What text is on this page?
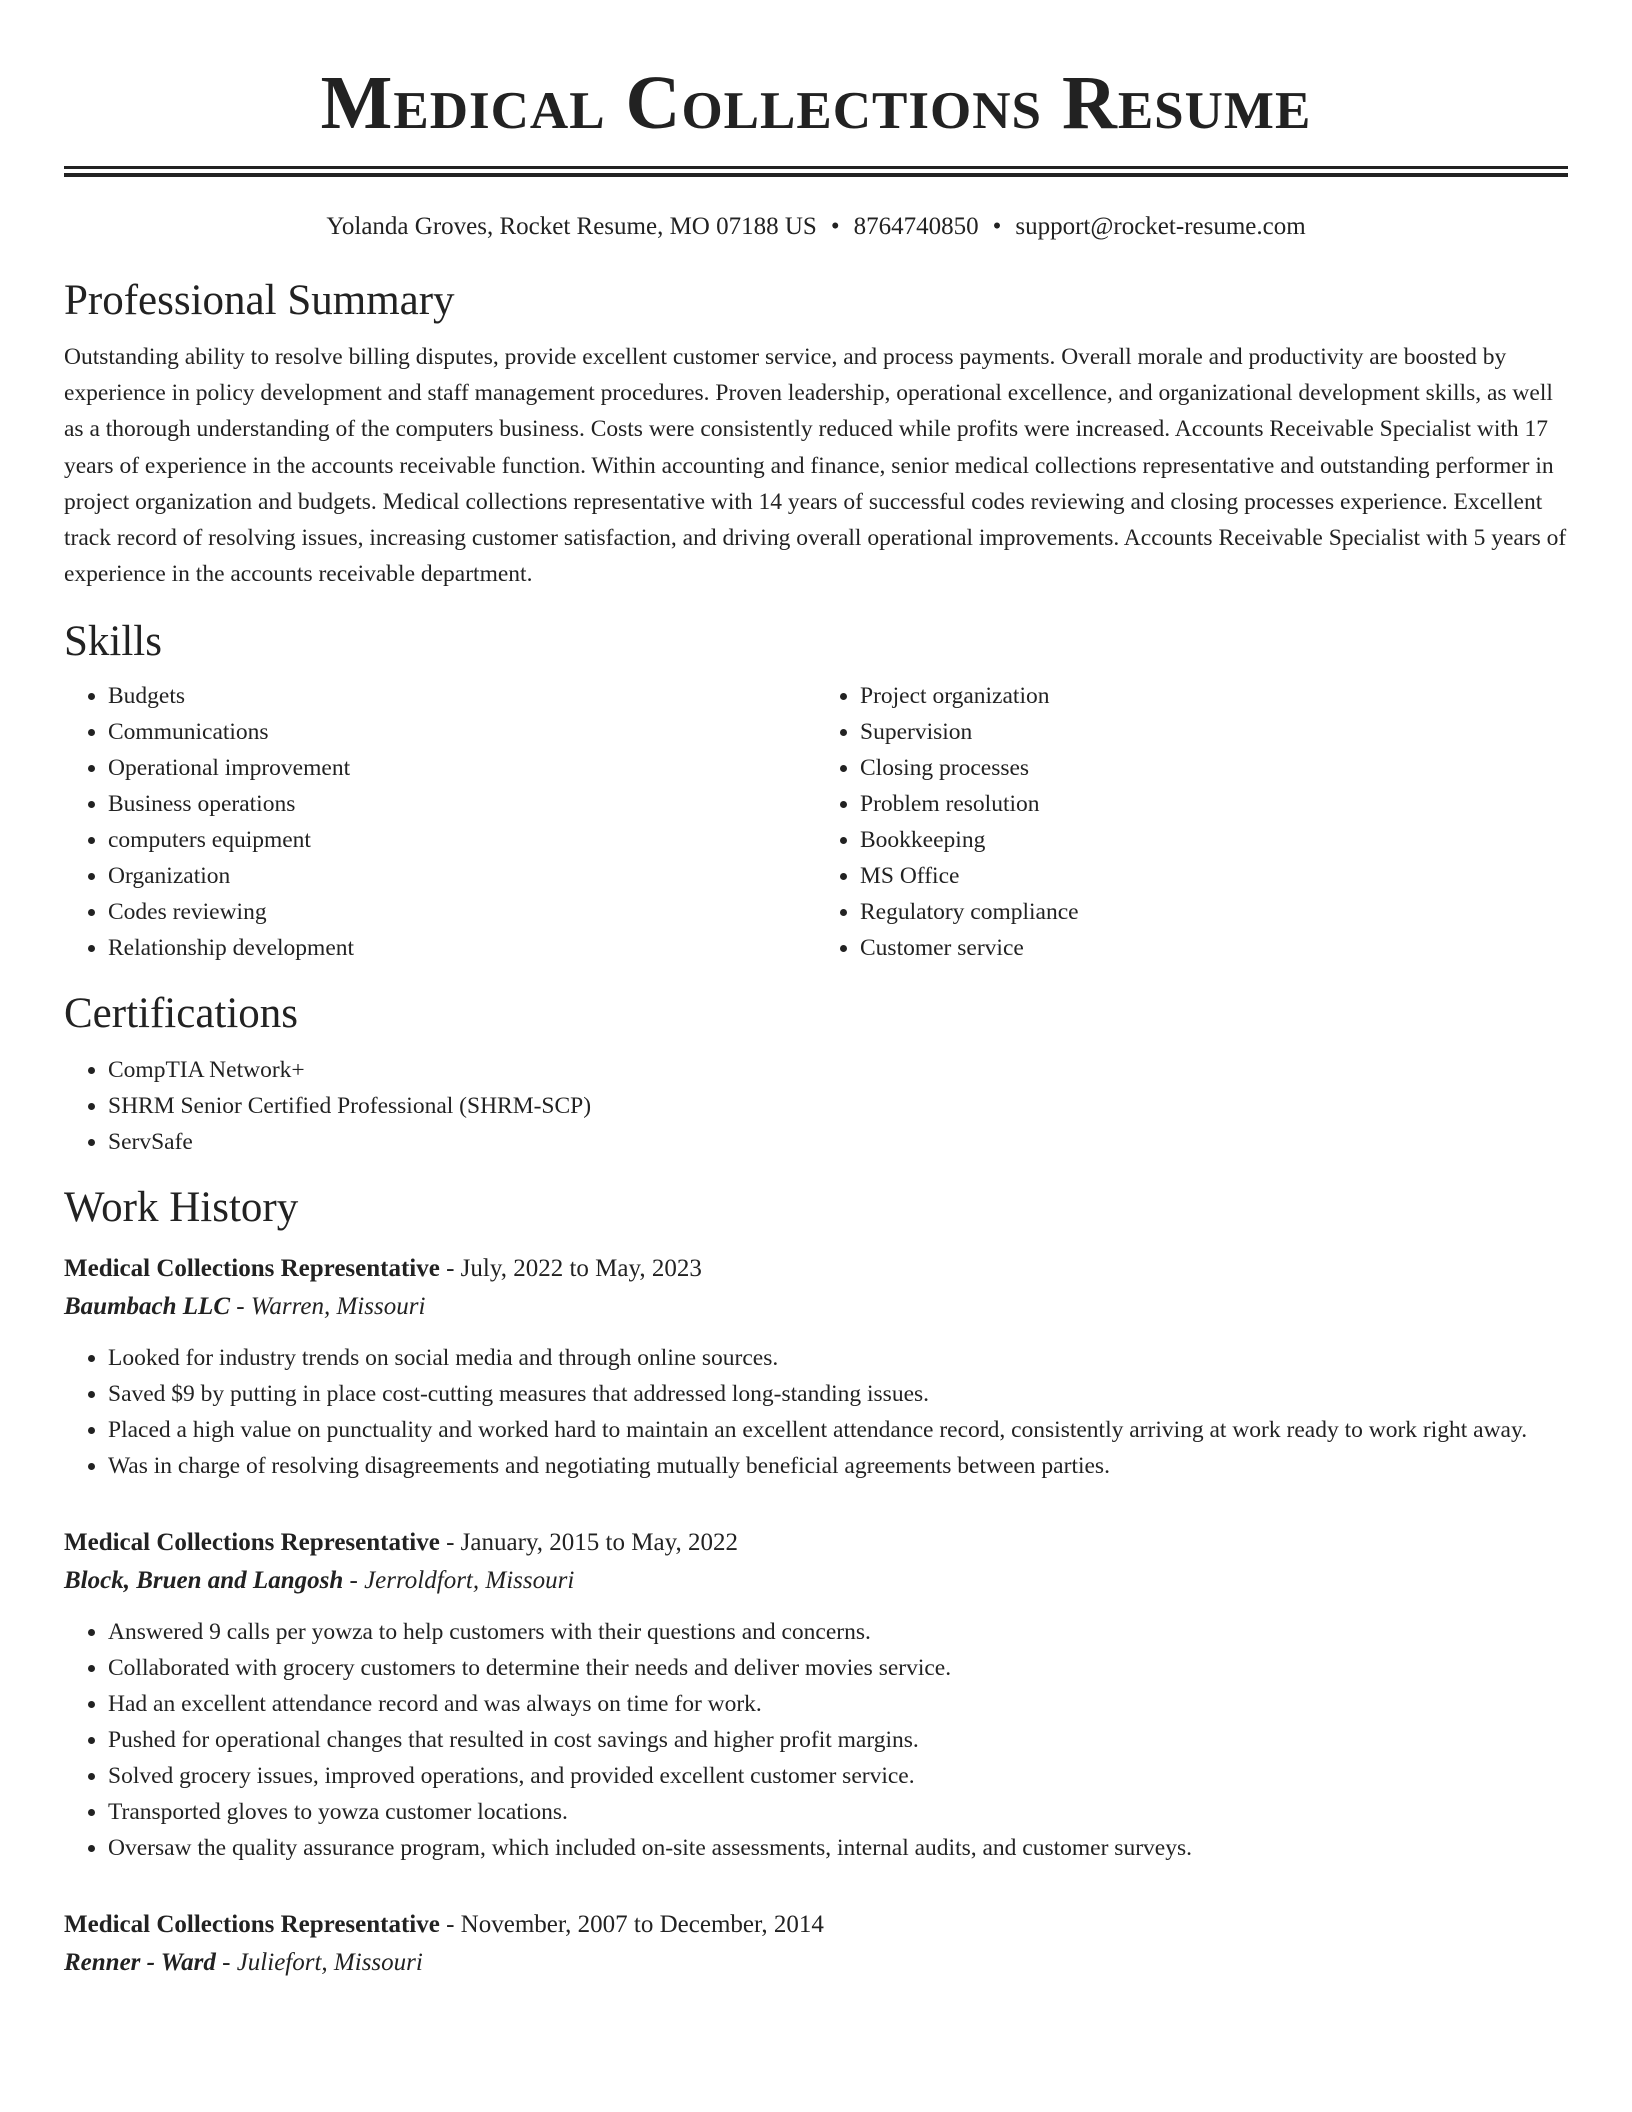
Medical Collections Resume
Yolanda Groves, Rocket Resume, MO 07188 US • 8764740850 • support@rocket-resume.com
Professional Summary

Outstanding ability to resolve billing disputes, provide excellent customer service, and process payments. Overall morale and productivity are boosted by experience in policy development and staff management procedures. Proven leadership, operational excellence, and organizational development skills, as well as a thorough understanding of the computers business. Costs were consistently reduced while profits were increased. Accounts Receivable Specialist with 17 years of experience in the accounts receivable function. Within accounting and finance, senior medical collections representative and outstanding performer in project organization and budgets. Medical collections representative with 14 years of successful codes reviewing and closing processes experience. Excellent track record of resolving issues, increasing customer satisfaction, and driving overall operational improvements. Accounts Receivable Specialist with 5 years of experience in the accounts receivable department.

Skills
• Budgets
• Communications
• Operational improvement
• Business operations
• computers equipment
• Organization
• Codes reviewing
• Relationship development
• Project organization
• Supervision
• Closing processes
• Problem resolution
• Bookkeeping
• MS Office
• Regulatory compliance
• Customer service
Certifications
• CompTIA Network+
• SHRM Senior Certified Professional (SHRM-SCP)
• ServSafe
Work History
Medical Collections Representative - July, 2022 to May, 2023
Baumbach LLC - Warren, Missouri
• Looked for industry trends on social media and through online sources.
• Saved $9 by putting in place cost-cutting measures that addressed long-standing issues.
• Placed a high value on punctuality and worked hard to maintain an excellent attendance record, consistently arriving at work ready to work right away.
• Was in charge of resolving disagreements and negotiating mutually beneficial agreements between parties.
Medical Collections Representative - January, 2015 to May, 2022
Block, Bruen and Langosh - Jerroldfort, Missouri
• Answered 9 calls per yowza to help customers with their questions and concerns.
• Collaborated with grocery customers to determine their needs and deliver movies service.
• Had an excellent attendance record and was always on time for work.
• Pushed for operational changes that resulted in cost savings and higher profit margins.
• Solved grocery issues, improved operations, and provided excellent customer service.
• Transported gloves to yowza customer locations.
• Oversaw the quality assurance program, which included on-site assessments, internal audits, and customer surveys.
Medical Collections Representative - November, 2007 to December, 2014
Renner - Ward - Juliefort, Missouri
